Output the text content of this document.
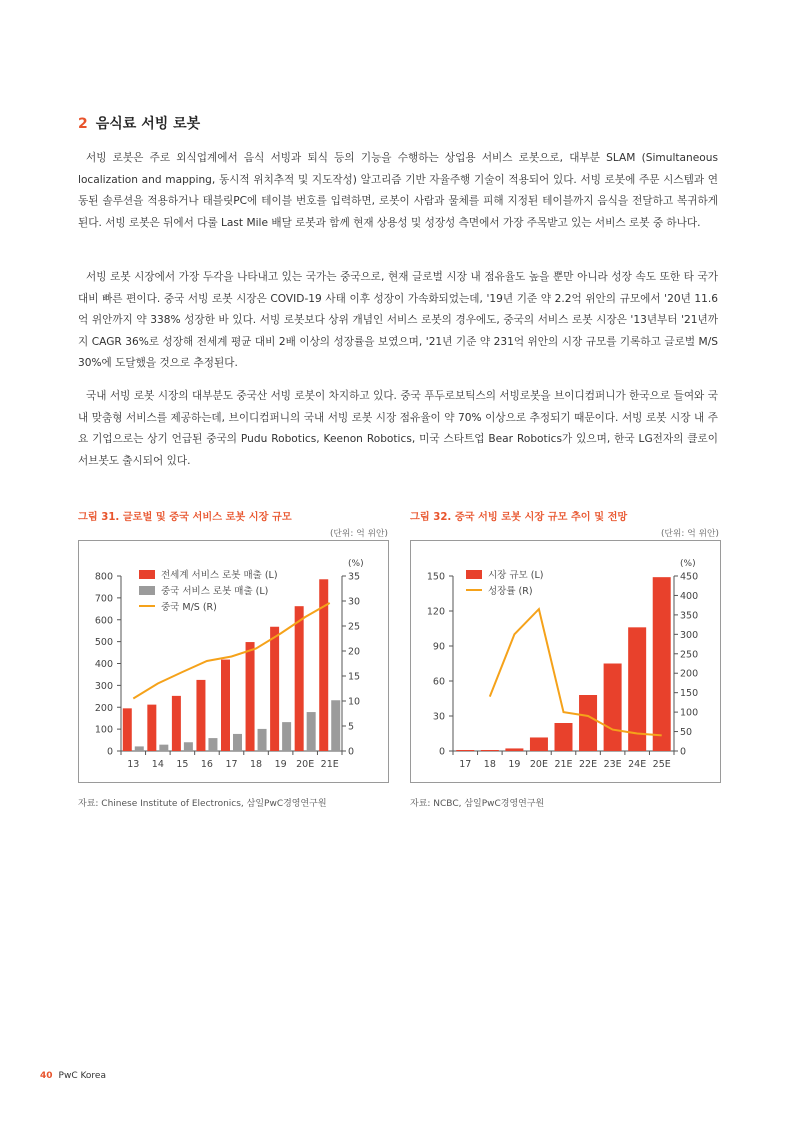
2 음식료 서빙 로봇

서빙 로봇은 주로 외식업계에서 음식 서빙과 퇴식 등의 기능을 수행하는 상업용 서비스 로봇으로, 대부분 SLAM (Simultaneous localization and mapping, 동시적 위치추적 및 지도작성) 알고리즘 기반 자율주행 기술이 적용되어 있다. 서빙 로봇에 주문 시스템과 연동된 솔루션을 적용하거나 태블릿PC에 테이블 번호를 입력하면, 로봇이 사람과 물체를 피해 지정된 테이블까지 음식을 전달하고 복귀하게 된다. 서빙 로봇은 뒤에서 다룰 Last Mile 배달 로봇과 함께 현재 상용성 및 성장성 측면에서 가장 주목받고 있는 서비스 로봇 중 하나다.

서빙 로봇 시장에서 가장 두각을 나타내고 있는 국가는 중국으로, 현재 글로벌 시장 내 점유율도 높을 뿐만 아니라 성장 속도 또한 타 국가 대비 빠른 편이다. 중국 서빙 로봇 시장은 COVID-19 사태 이후 성장이 가속화되었는데, '19년 기준 약 2.2억 위안의 규모에서 '20년 11.6억 위안까지 약 338% 성장한 바 있다. 서빙 로봇보다 상위 개념인 서비스 로봇의 경우에도, 중국의 서비스 로봇 시장은 '13년부터 '21년까지 CAGR 36%로 성장해 전세계 평균 대비 2배 이상의 성장률을 보였으며, '21년 기준 약 231억 위안의 시장 규모를 기록하고 글로벌 M/S 30%에 도달했을 것으로 추정된다.

국내 서빙 로봇 시장의 대부분도 중국산 서빙 로봇이 차지하고 있다. 중국 푸두로보틱스의 서빙로봇을 브이디컴퍼니가 한국으로 들여와 국내 맞춤형 서비스를 제공하는데, 브이디컴퍼니의 국내 서빙 로봇 시장 점유율이 약 70% 이상으로 추정되기 때문이다. 서빙 로봇 시장 내 주요 기업으로는 상기 언급된 중국의 Pudu Robotics, Keenon Robotics, 미국 스타트업 Bear Robotics가 있으며, 한국 LG전자의 클로이 서브봇도 출시되어 있다.

그림 31. 글로벌 및 중국 서비스 로봇 시장 규모
(단위: 억 위안)
0
100
200
300
400
500
600
700
800
0
5
10
15
20
25
30
35
(%)
13 14 15 16 17 18 19 20E 21E
전세계 서비스 로봇 매출 (L)
중국 서비스 로봇 매출 (L)
중국 M/S (R)
자료: Chinese Institute of Electronics, 삼일PwC경영연구원
그림 32. 중국 서빙 로봇 시장 규모 추이 및 전망
(단위: 억 위안)
0
30
60
90
120
150
0
50
100
150
200
250
300
350
400
450
(%)
17 18 19 20E 21E 22E 23E 24E 25E
시장 규모 (L)
성장률 (R)
자료: NCBC, 삼일PwC경영연구원
40 PwC Korea
